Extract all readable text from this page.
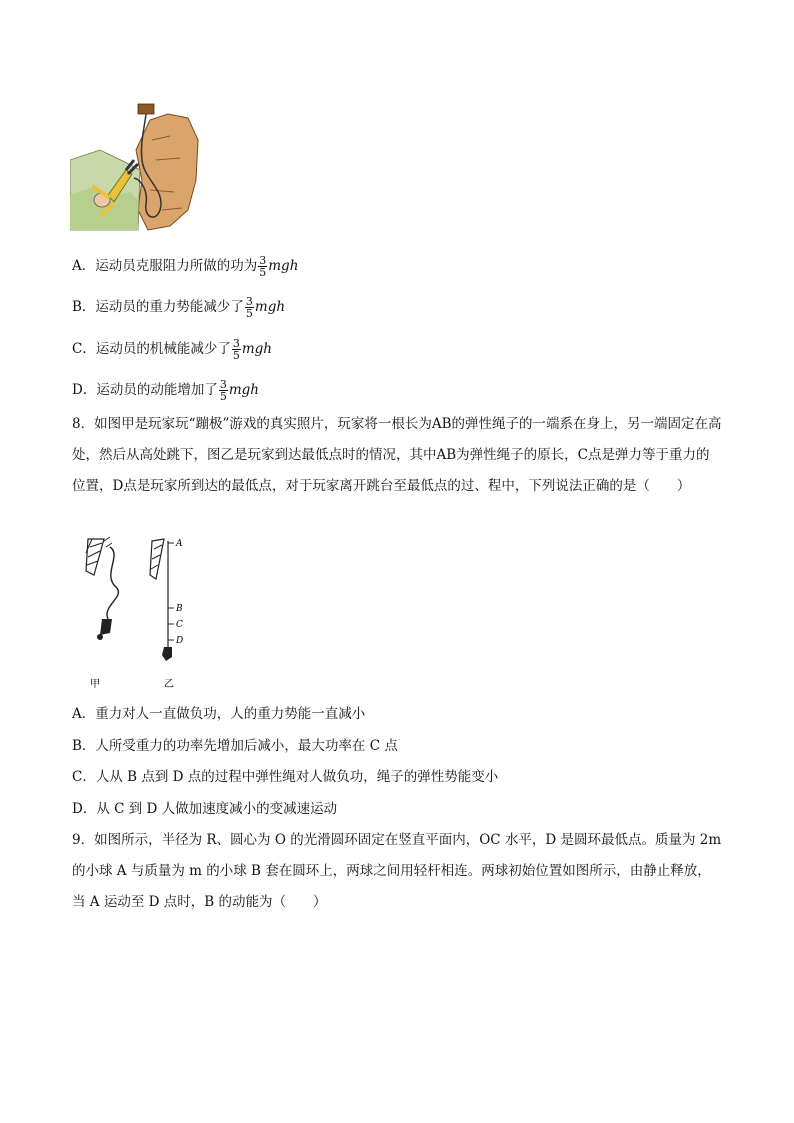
A．运动员克服阻力所做的功为 $\frac{3}{5}$ mgh
B．运动员的重力势能减少了 $\frac{3}{5}$ mgh
C．运动员的机械能减少了 $\frac{3}{5}$ mgh
D．运动员的动能增加了 $\frac{3}{5}$ mgh
8．如图甲是玩家玩“蹦极”游戏的真实照片，玩家将一根长为AB的弹性绳子的一端系在身上，另一端固定在高处，然后从高处跳下，图乙是玩家到达最低点时的情况，其中AB为弹性绳子的原长，C点是弹力等于重力的位置，D点是玩家所到达的最低点，对于玩家离开跳台至最低点的过、程中，下列说法正确的是（　　）
A
B
C
D
甲	乙
A．重力对人一直做负功，人的重力势能一直减小
B．人所受重力的功率先增加后减小，最大功率在 C 点
C．人从 B 点到 D 点的过程中弹性绳对人做负功，绳子的弹性势能变小
D．从 C 到 D 人做加速度减小的变减速运动
9．如图所示，半径为 R、圆心为 O 的光滑圆环固定在竖直平面内，OC 水平，D 是圆环最低点。质量为 2m 的小球 A 与质量为 m 的小球 B 套在圆环上，两球之间用轻杆相连。两球初始位置如图所示，由静止释放，当 A 运动至 D 点时，B 的动能为（　　）
